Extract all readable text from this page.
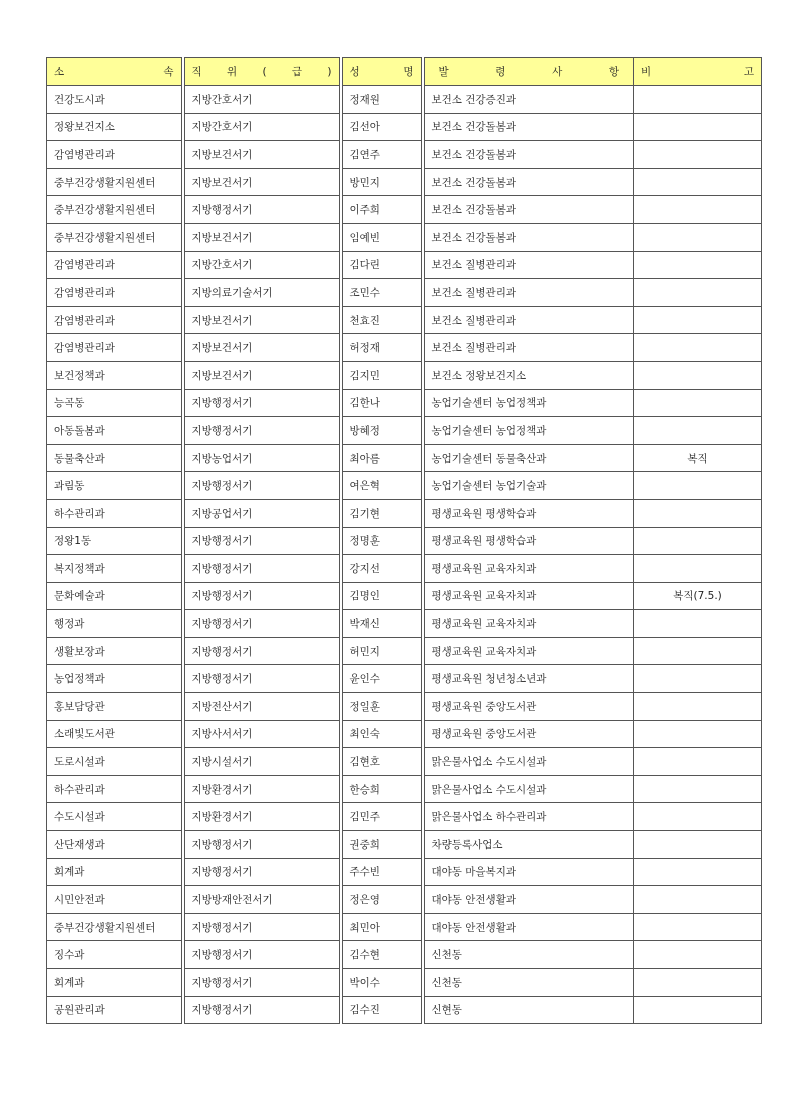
소 속	직 위 ( 급 )	성 명	발 령 사 항	비 고
건강도시과	지방간호서기	정재원	보건소 건강증진과	
정왕보건지소	지방간호서기	김선아	보건소 건강돌봄과	
감염병관리과	지방보건서기	김연주	보건소 건강돌봄과	
중부건강생활지원센터	지방보건서기	방민지	보건소 건강돌봄과	
중부건강생활지원센터	지방행정서기	이주희	보건소 건강돌봄과	
중부건강생활지원센터	지방보건서기	임예빈	보건소 건강돌봄과	
감염병관리과	지방간호서기	김다린	보건소 질병관리과	
감염병관리과	지방의료기술서기	조민수	보건소 질병관리과	
감염병관리과	지방보건서기	천효진	보건소 질병관리과	
감염병관리과	지방보건서기	허정재	보건소 질병관리과	
보건정책과	지방보건서기	김지민	보건소 정왕보건지소	
능곡동	지방행정서기	김한나	농업기술센터 농업정책과	
아동돌봄과	지방행정서기	방혜정	농업기술센터 농업정책과	
동물축산과	지방농업서기	최아름	농업기술센터 동물축산과	복직
과림동	지방행정서기	여은혁	농업기술센터 농업기술과	
하수관리과	지방공업서기	김기현	평생교육원 평생학습과	
정왕1동	지방행정서기	정명훈	평생교육원 평생학습과	
복지정책과	지방행정서기	강지선	평생교육원 교육자치과	
문화예술과	지방행정서기	김명인	평생교육원 교육자치과	복직(7.5.)
행정과	지방행정서기	박재신	평생교육원 교육자치과	
생활보장과	지방행정서기	허민지	평생교육원 교육자치과	
농업정책과	지방행정서기	윤인수	평생교육원 청년청소년과	
홍보담당관	지방전산서기	정일훈	평생교육원 중앙도서관	
소래빛도서관	지방사서서기	최인숙	평생교육원 중앙도서관	
도로시설과	지방시설서기	김현호	맑은물사업소 수도시설과	
하수관리과	지방환경서기	한승희	맑은물사업소 수도시설과	
수도시설과	지방환경서기	김민주	맑은물사업소 하수관리과	
산단재생과	지방행정서기	권중희	차량등록사업소	
회계과	지방행정서기	주수빈	대야동 마을복지과	
시민안전과	지방방재안전서기	정은영	대야동 안전생활과	
중부건강생활지원센터	지방행정서기	최민아	대야동 안전생활과	
징수과	지방행정서기	김수현	신천동	
회계과	지방행정서기	박이수	신천동	
공원관리과	지방행정서기	김수진	신현동	
